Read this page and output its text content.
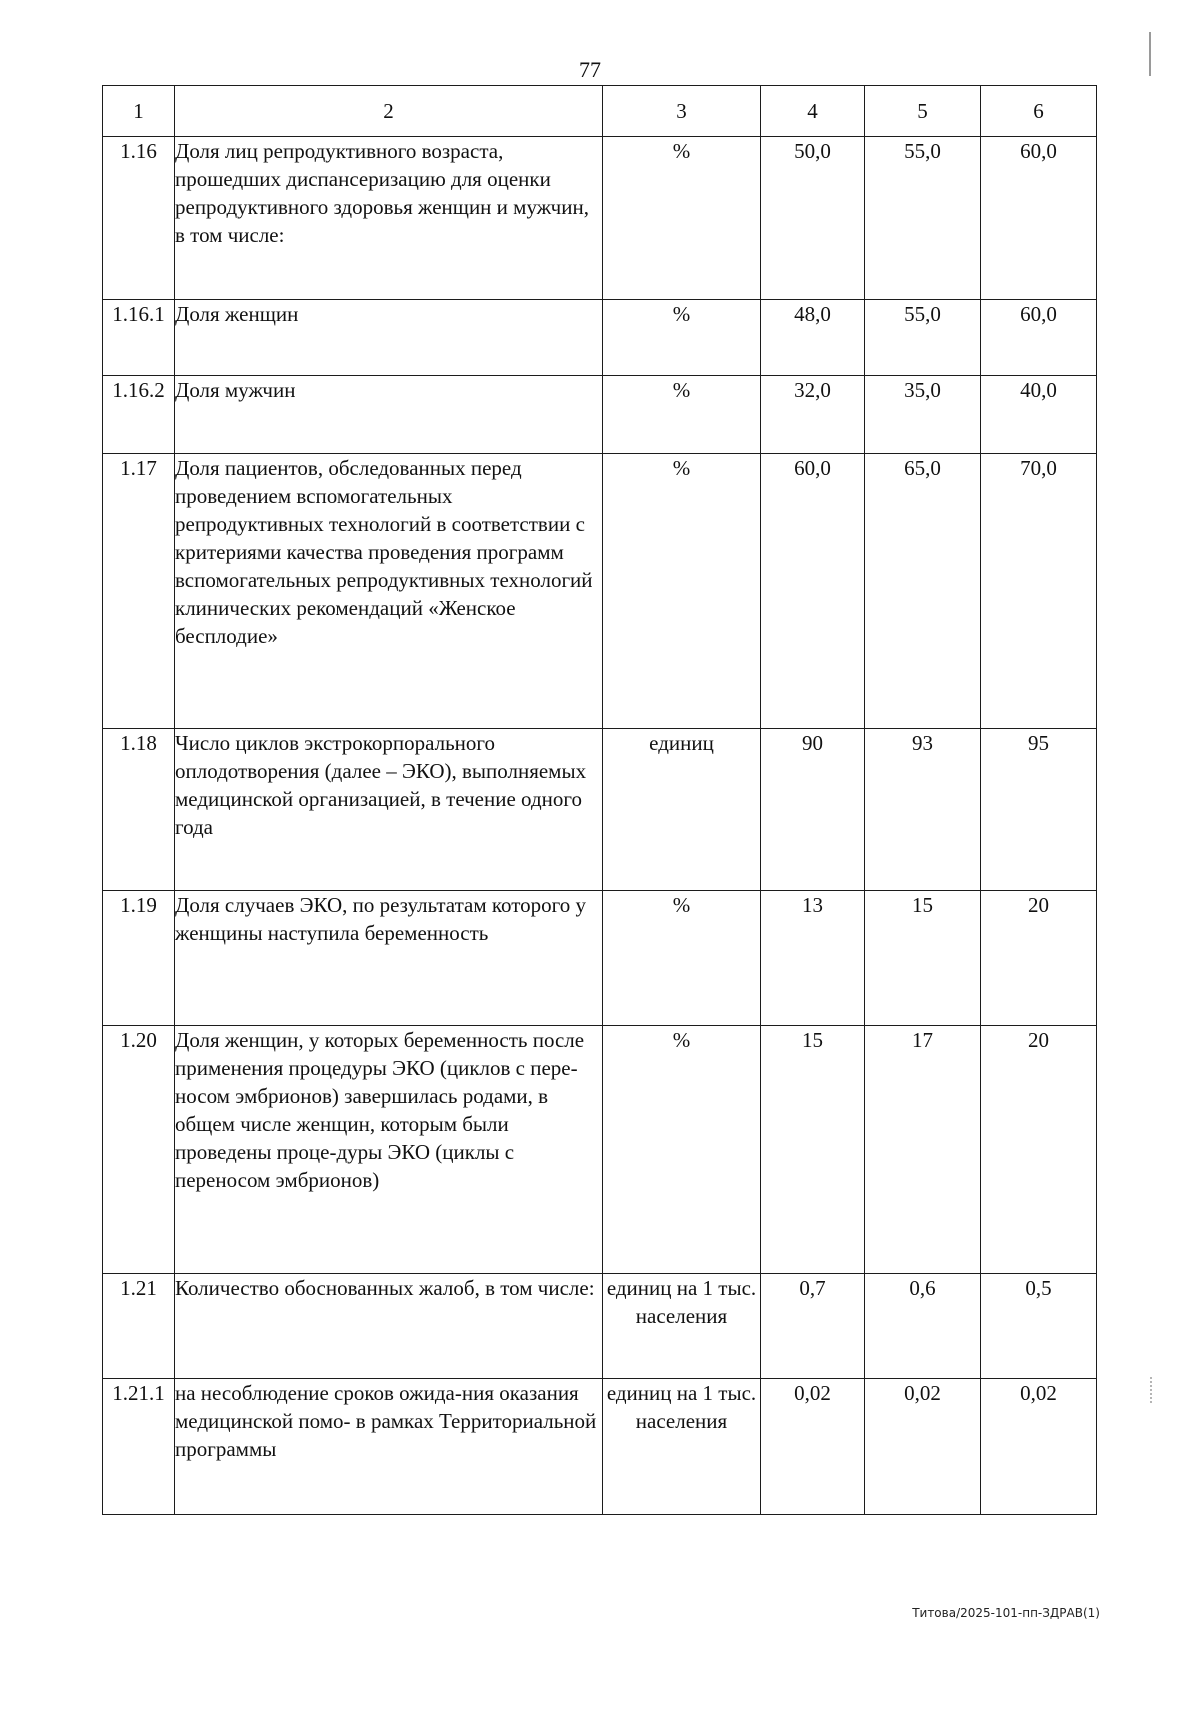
77
1	2	3	4	5	6
1.16	Доля лиц репродуктивного возраста, прошедших диспансеризацию для оценки репродуктивного здоровья женщин и мужчин, в том числе:	%	50,0	55,0	60,0
1.16.1	Доля женщин	%	48,0	55,0	60,0
1.16.2	Доля мужчин	%	32,0	35,0	40,0
1.17	Доля пациентов, обследованных перед проведением вспомогательных репродуктивных технологий в соответствии с критериями качества проведения программ вспомогательных репродуктивных технологий клинических рекомендаций «Женское бесплодие»	%	60,0	65,0	70,0
1.18	Число циклов экстрокорпорального оплодотворения (далее – ЭКО), выполняемых медицинской организацией, в течение одного года	единиц	90	93	95
1.19	Доля случаев ЭКО, по результатам которого у женщины наступила беременность	%	13	15	20
1.20	Доля женщин, у которых беременность после применения процедуры ЭКО (циклов с пере-носом эмбрионов) завершилась родами, в общем числе женщин, которым были проведены проце-дуры ЭКО (циклы с переносом эмбрионов)	%	15	17	20
1.21	Количество обоснованных жалоб, в том числе:	единиц на 1 тыс. населения	0,7	0,6	0,5
1.21.1	на несоблюдение сроков ожида-ния оказания медицинской помо- в рамках Территориальной программы	единиц на 1 тыс. населения	0,02	0,02	0,02
Титова/2025-101-пп-ЗДРАВ(1)
